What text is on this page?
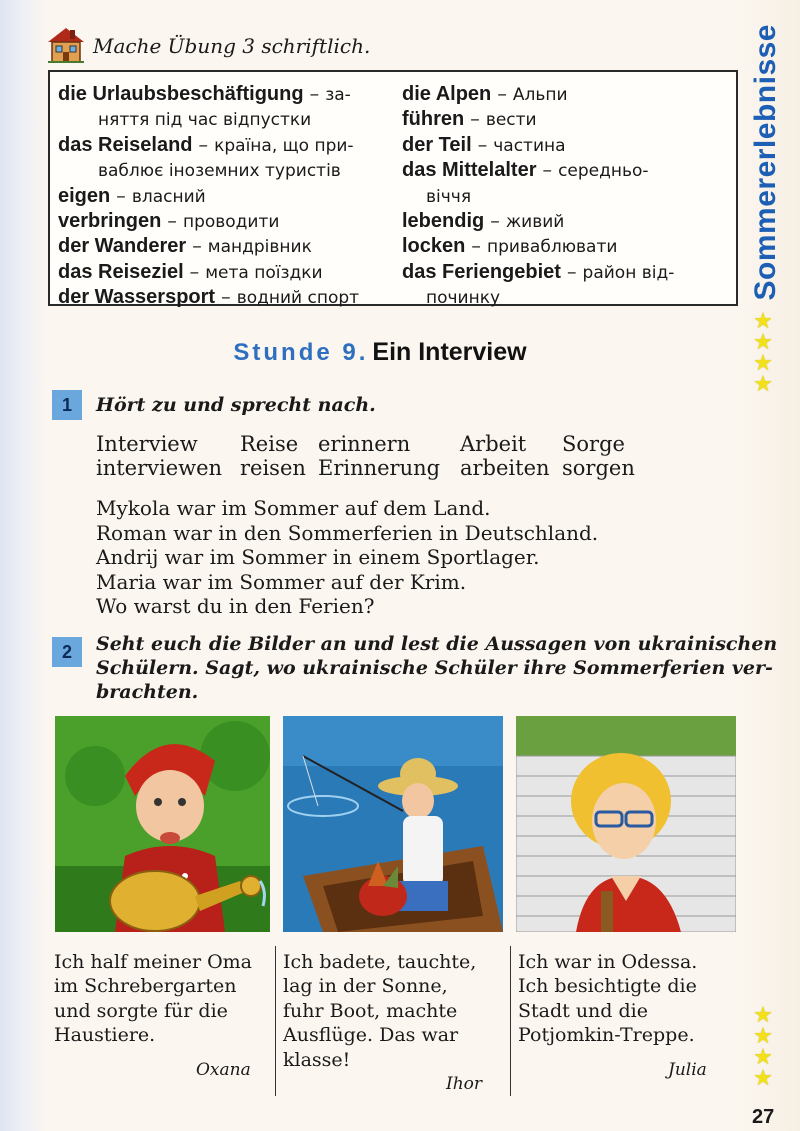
Mache Übung 3 schriftlich.	Sommererlebnisse
★
★
★
★
★
★
★
★
die Urlaubsbeschäftigung – за-
няття під час відпустки
das Reiseland – країна, що при-
ваблює іноземних туристів
eigen – власний
verbringen – проводити
der Wanderer – мандрівник
das Reiseziel – мета поїздки
der Wassersport – водний спорт
die Alpen – Альпи
führen – вести
der Teil – частина
das Mittelalter – середньо-
віччя
lebendig – живий
locken – приваблювати
das Feriengebiet – район від-
починку
Stunde 9. Ein Interview
1	Hört zu und sprecht nach.
Interview Reise erinnern Arbeit Sorge
interviewen reisen Erinnerung arbeiten sorgen
Mykola war im Sommer auf dem Land.
Roman war in den Sommerferien in Deutschland.
Andrij war im Sommer in einem Sportlager.
Maria war im Sommer auf der Krim.
Wo warst du in den Ferien?
2	Seht euch die Bilder an und lest die Aussagen von ukrainischen
Schülern. Sagt, wo ukrainische Schüler ihre Sommerferien ver-
brachten.
Ich half meiner Oma
im Schrebergarten
und sorgte für die
Haustiere.
Oxana
Ich badete, tauchte,
lag in der Sonne,
fuhr Boot, machte
Ausflüge. Das war
klasse!
Ihor
Ich war in Odessa.
Ich besichtigte die
Stadt und die
Potjomkin-Treppe.
Julia
27
